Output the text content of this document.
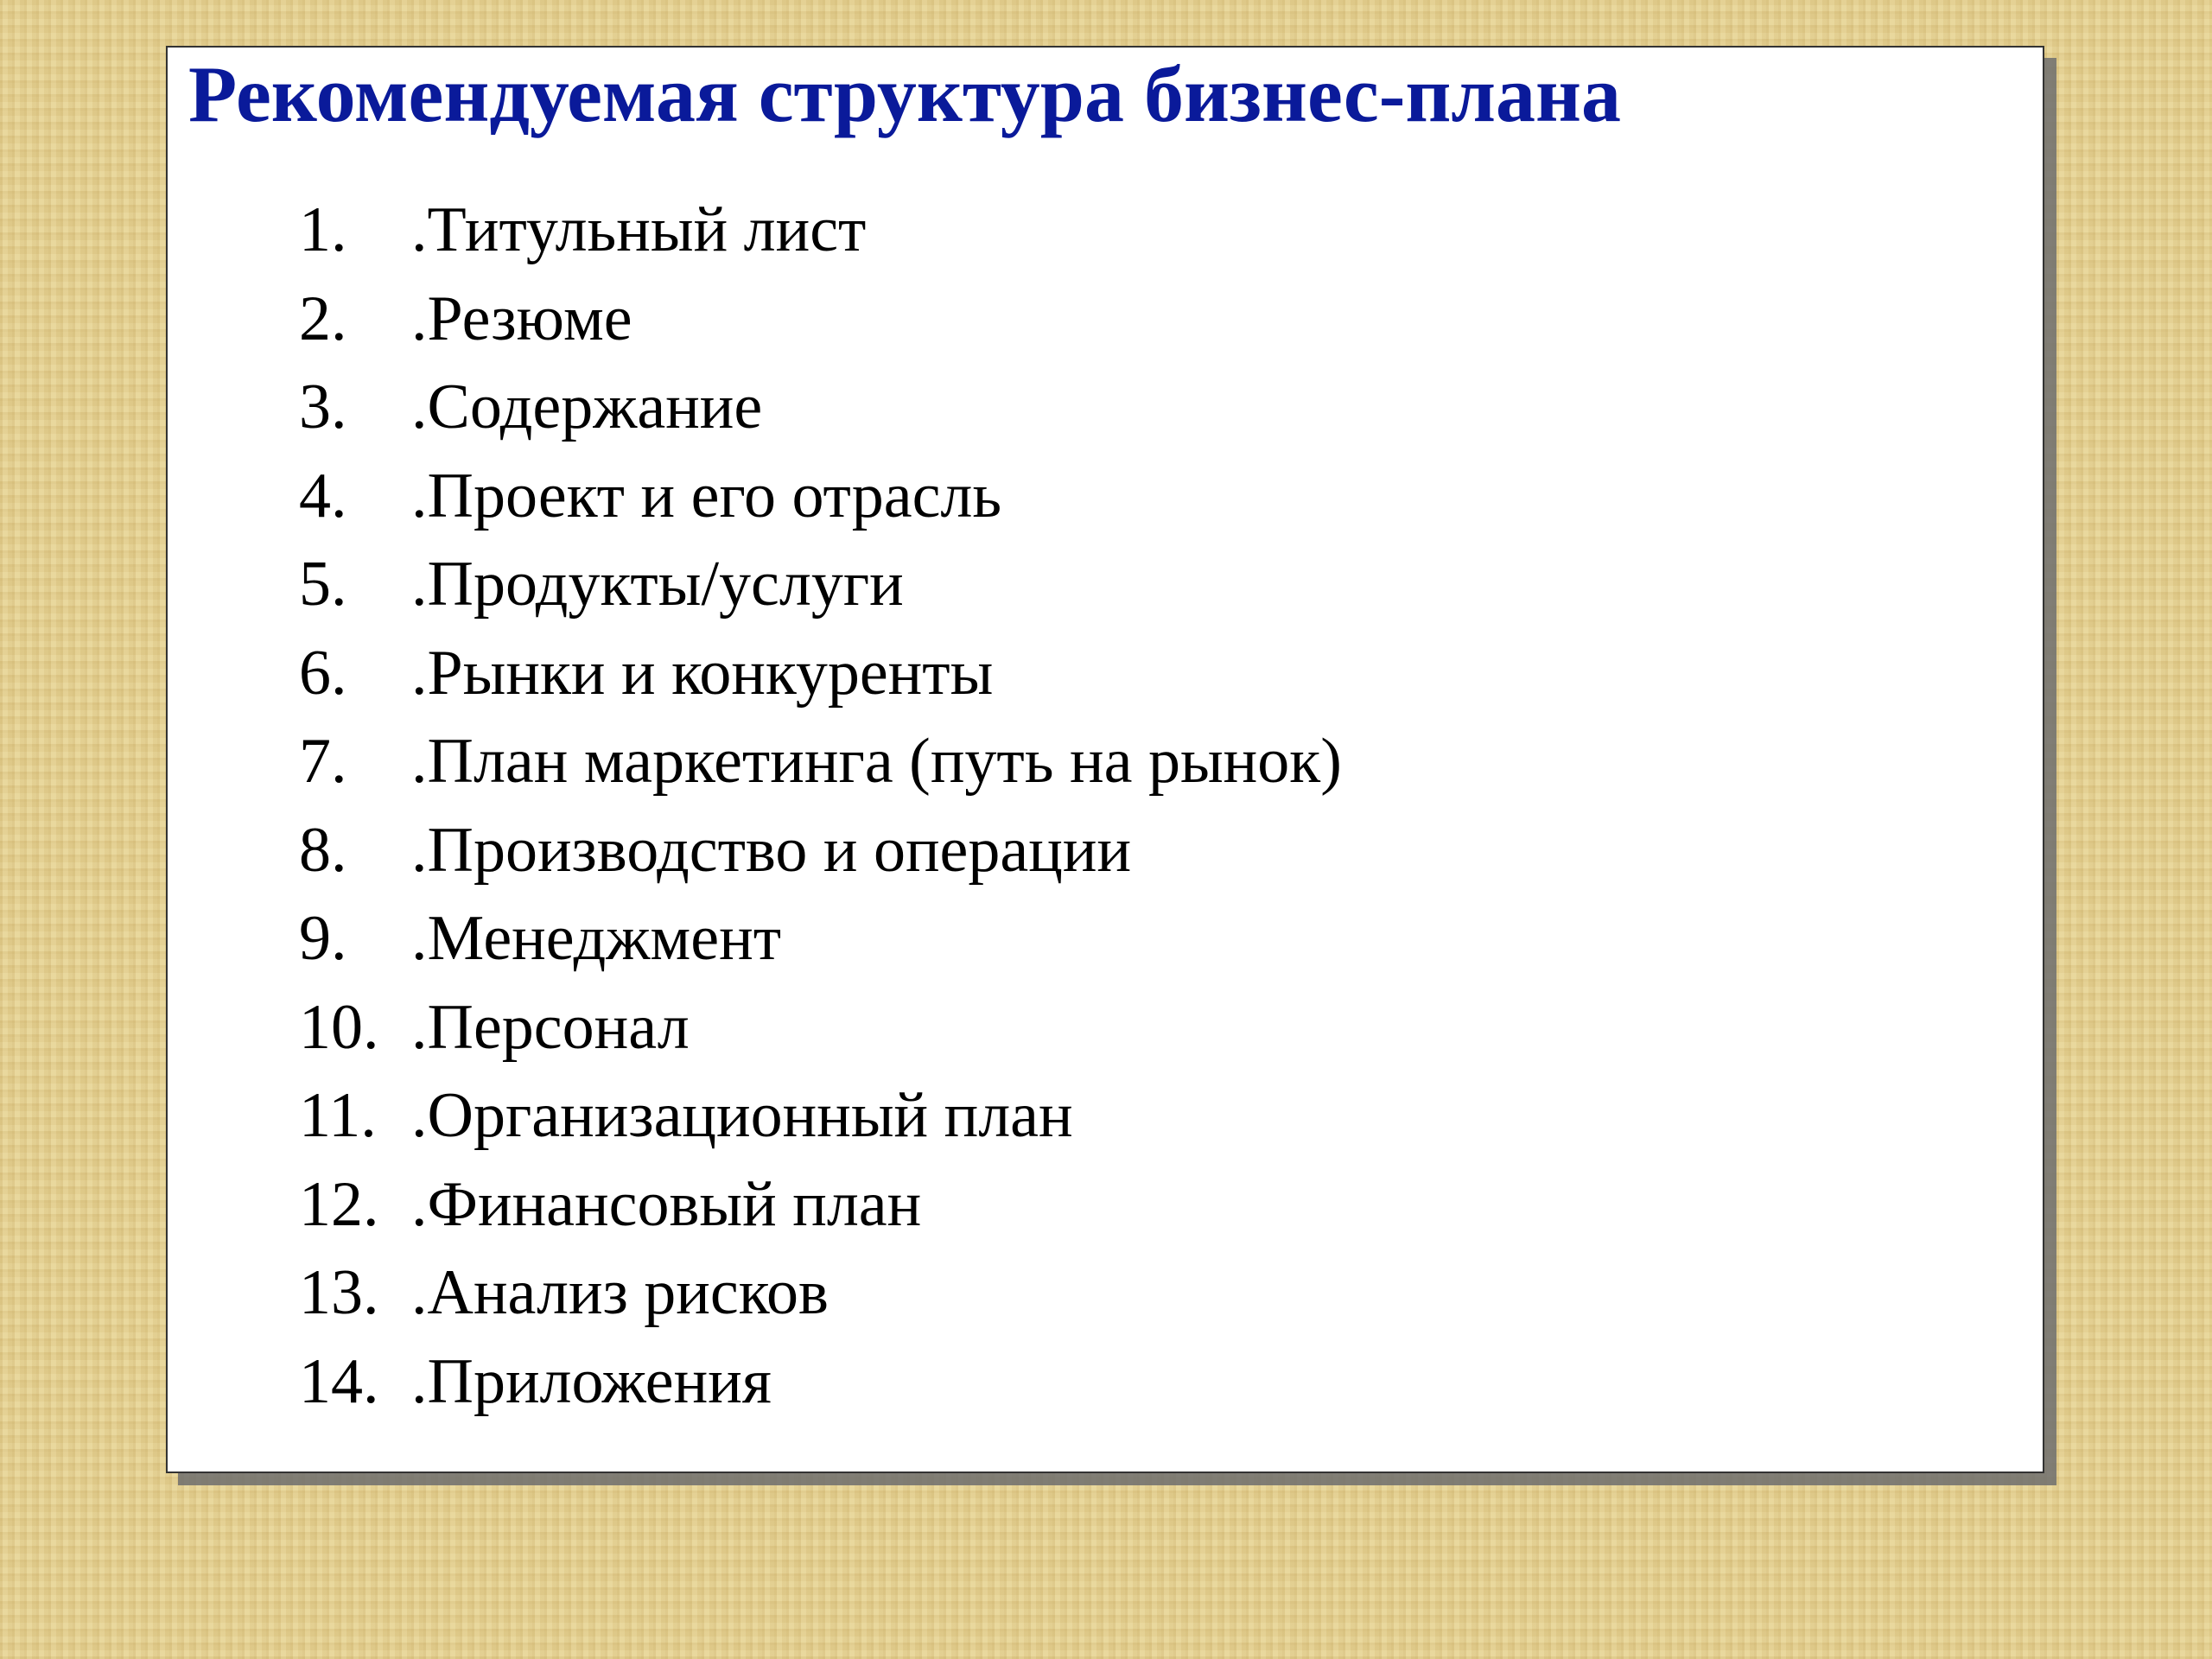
Рекомендуемая структура бизнес-плана
1.	.Титульный лист
2.	.Резюме
3.	.Содержание
4.	.Проект и его отрасль
5.	.Продукты/услуги
6.	.Рынки и конкуренты
7.	.План маркетинга (путь на рынок)
8.	.Производство и операции
9.	.Менеджмент
10. .Персонал
11. .Организационный план
12. .Финансовый план
13. .Анализ рисков
14. .Приложения
